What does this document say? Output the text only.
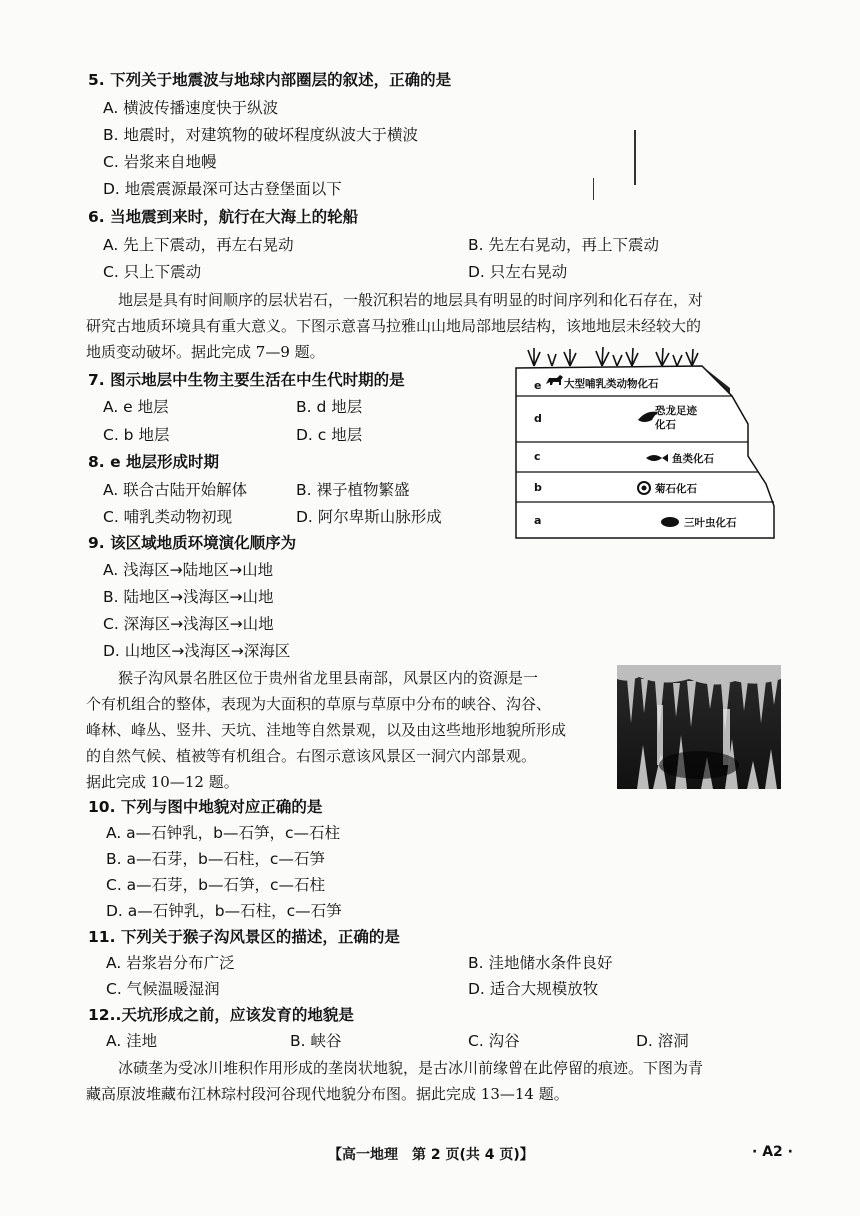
5. 下列关于地震波与地球内部圈层的叙述，正确的是
A. 横波传播速度快于纵波
B. 地震时，对建筑物的破坏程度纵波大于横波
C. 岩浆来自地幔
D. 地震震源最深可达古登堡面以下
6. 当地震到来时，航行在大海上的轮船
A. 先上下震动，再左右晃动	B. 先左右晃动，再上下震动
C. 只上下震动	D. 只左右晃动
地层是具有时间顺序的层状岩石，一般沉积岩的地层具有明显的时间序列和化石存在，对
研究古地质环境具有重大意义。下图示意喜马拉雅山山地局部地层结构，该地地层未经较大的
地质变动破坏。据此完成 7—9 题。
e
d
c
b
a
大型哺乳类动物化石
恐龙足迹
化石
鱼类化石
菊石化石
三叶虫化石
7. 图示地层中生物主要生活在中生代时期的是
A. e 地层	B. d 地层
C. b 地层	D. c 地层
8. e 地层形成时期
A. 联合古陆开始解体	B. 裸子植物繁盛
C. 哺乳类动物初现	D. 阿尔卑斯山脉形成
9. 该区域地质环境演化顺序为
A. 浅海区→陆地区→山地
B. 陆地区→浅海区→山地
C. 深海区→浅海区→山地
D. 山地区→浅海区→深海区
猴子沟风景名胜区位于贵州省龙里县南部，风景区内的资源是一
个有机组合的整体，表现为大面积的草原与草原中分布的峡谷、沟谷、
峰林、峰丛、竖井、天坑、洼地等自然景观，以及由这些地形地貌所形成
的自然气候、植被等有机组合。右图示意该风景区一洞穴内部景观。
据此完成 10—12 题。
10. 下列与图中地貌对应正确的是
A. a—石钟乳，b—石笋，c—石柱
B. a—石芽，b—石柱，c—石笋
C. a—石芽，b—石笋，c—石柱
D. a—石钟乳，b—石柱，c—石笋
11. 下列关于猴子沟风景区的描述，正确的是
A. 岩浆岩分布广泛	B. 洼地储水条件良好
C. 气候温暖湿润	D. 适合大规模放牧
12..天坑形成之前，应该发育的地貌是
A. 洼地	B. 峡谷	C. 沟谷	D. 溶洞
冰碛垄为受冰川堆积作用形成的垄岗状地貌，是古冰川前缘曾在此停留的痕迹。下图为青
藏高原波堆藏布江林琮村段河谷现代地貌分布图。据此完成 13—14 题。
【高一地理　第 2 页(共 4 页)】	· A2 ·
